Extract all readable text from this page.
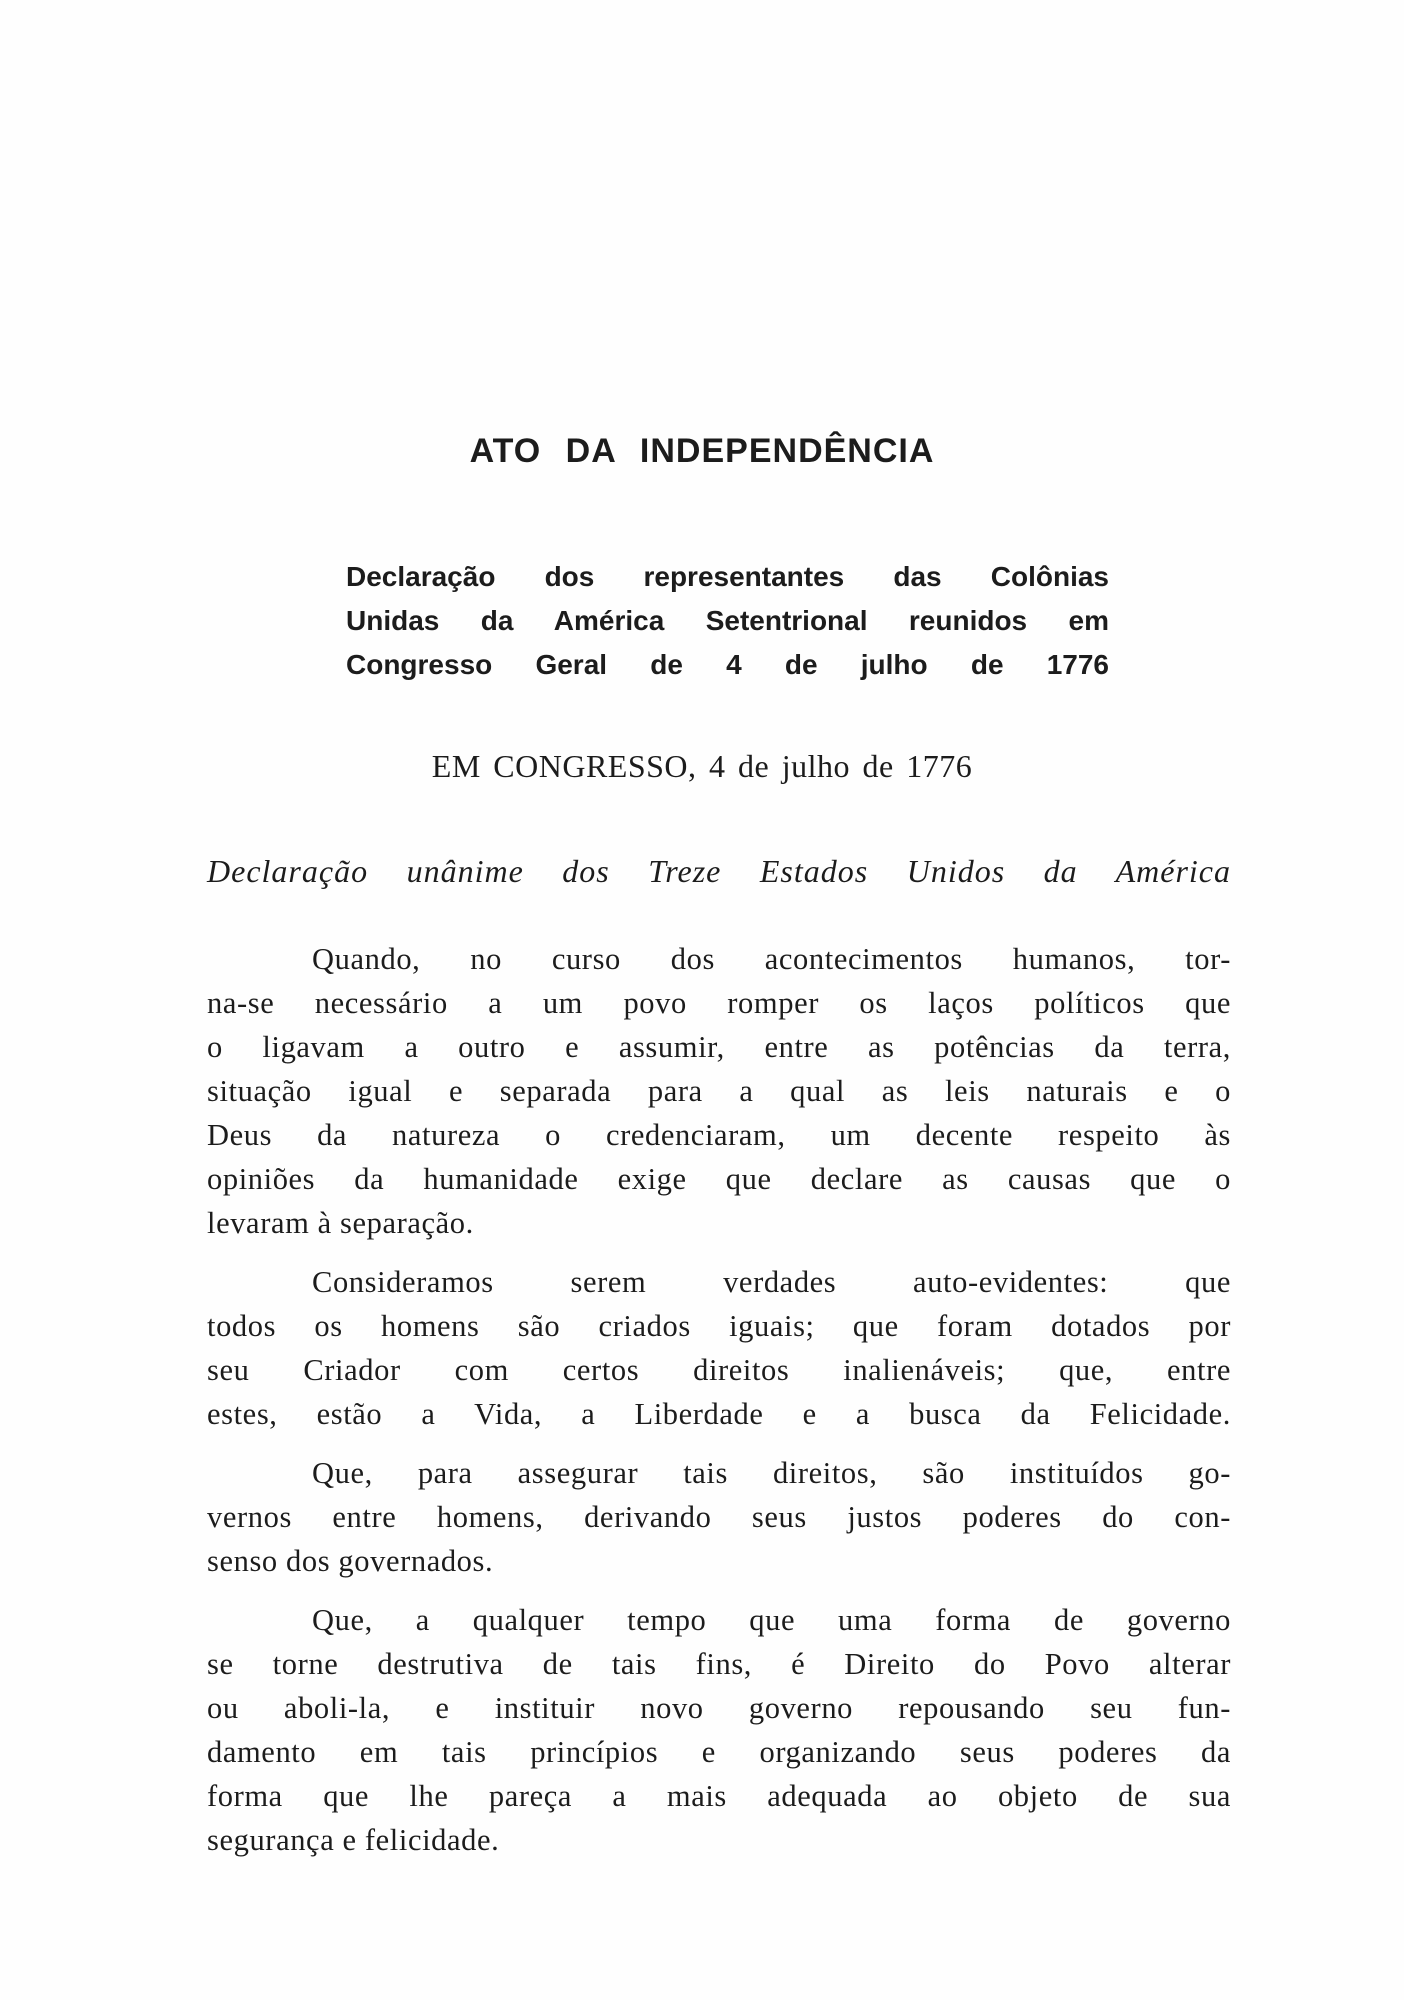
ATO DA INDEPENDÊNCIA
Declaração dos representantes das Colônias
Unidas da América Setentrional reunidos em
Congresso Geral de 4 de julho de 1776

EM CONGRESSO, 4 de julho de 1776

Declaração unânime dos Treze Estados Unidos da América

Quando, no curso dos acontecimentos humanos, tor-
na-se necessário a um povo romper os laços políticos que
o ligavam a outro e assumir, entre as potências da terra,
situação igual e separada para a qual as leis naturais e o
Deus da natureza o credenciaram, um decente respeito às
opiniões da humanidade exige que declare as causas que o
levaram à separação.

Consideramos serem verdades auto-evidentes: que
todos os homens são criados iguais; que foram dotados por
seu Criador com certos direitos inalienáveis; que, entre
estes, estão a Vida, a Liberdade e a busca da Felicidade.

Que, para assegurar tais direitos, são instituídos go-
vernos entre homens, derivando seus justos poderes do con-
senso dos governados.

Que, a qualquer tempo que uma forma de governo
se torne destrutiva de tais fins, é Direito do Povo alterar
ou aboli-la, e instituir novo governo repousando seu fun-
damento em tais princípios e organizando seus poderes da
forma que lhe pareça a mais adequada ao objeto de sua
segurança e felicidade.
